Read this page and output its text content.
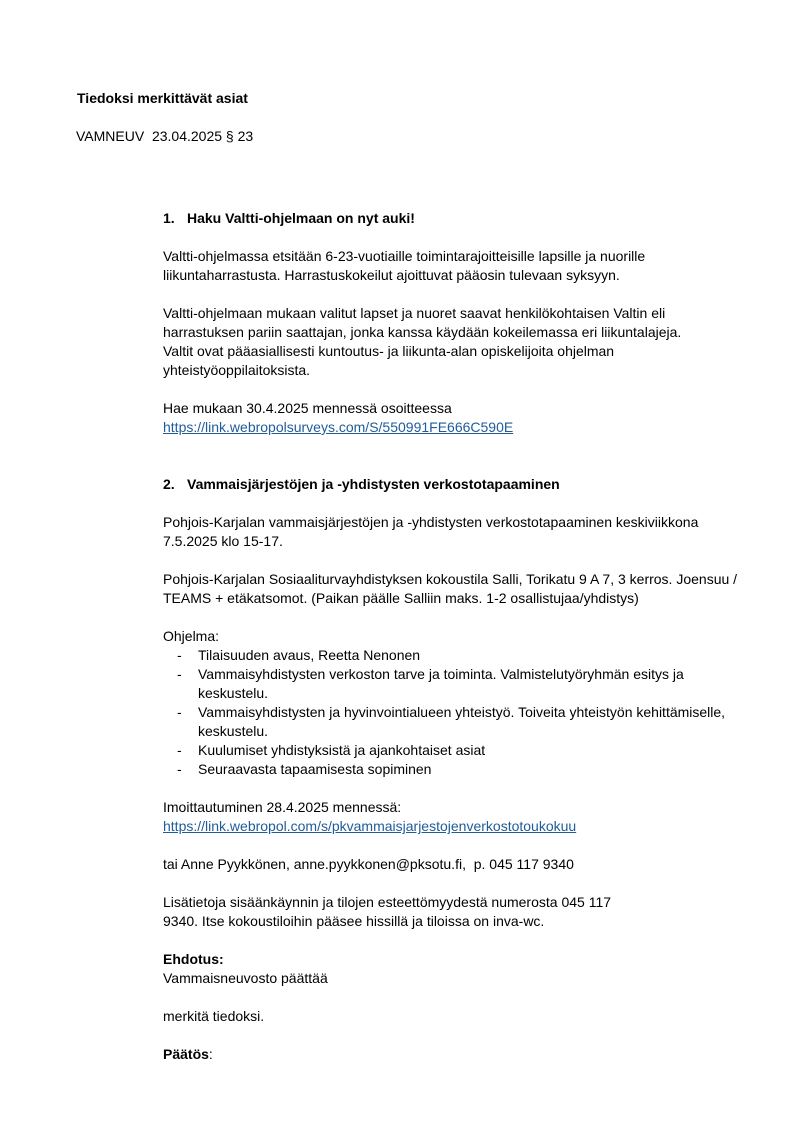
Tiedoksi merkittävät asiat
VAMNEUV  23.04.2025 § 23
1. Haku Valtti-ohjelmaan on nyt auki!

Valtti-ohjelmassa etsitään 6-23-vuotiaille toimintarajoitteisille lapsille ja nuorille liikuntaharrastusta. Harrastuskokeilut ajoittuvat pääosin tulevaan syksyyn.

Valtti-ohjelmaan mukaan valitut lapset ja nuoret saavat henkilökohtaisen Valtin eli harrastuksen pariin saattajan, jonka kanssa käydään kokeilemassa eri liikuntalajeja. Valtit ovat pääasiallisesti kuntoutus- ja liikunta-alan opiskelijoita ohjelman yhteistyöoppilaitoksista.

Hae mukaan 30.4.2025 mennessä osoitteessa

https://link.webropolsurveys.com/S/550991FE666C590E
2. Vammaisjärjestöjen ja -yhdistysten verkostotapaaminen

Pohjois-Karjalan vammaisjärjestöjen ja -yhdistysten verkostotapaaminen keskiviikkona 7.5.2025 klo 15-17.

Pohjois-Karjalan Sosiaaliturvayhdistyksen kokoustila Salli, Torikatu 9 A 7, 3 kerros. Joensuu / TEAMS + etäkatsomot. (Paikan päälle Salliin maks. 1-2 osallistujaa/yhdistys)

Ohjelma:

-	Tilaisuuden avaus, Reetta Nenonen
-	Vammaisyhdistysten verkoston tarve ja toiminta. Valmistelutyöryhmän esitys ja keskustelu.
-	Vammaisyhdistysten ja hyvinvointialueen yhteistyö. Toiveita yhteistyön kehittämiselle, keskustelu.
-	Kuulumiset yhdistyksistä ja ajankohtaiset asiat
-	Seuraavasta tapaamisesta sopiminen

Imoittautuminen 28.4.2025 mennessä:

https://link.webropol.com/s/pkvammaisjarjestojenverkostotoukokuu

tai Anne Pyykkönen, anne.pyykkonen@pksotu.fi,  p. 045 117 9340

Lisätietoja sisäänkäynnin ja tilojen esteettömyydestä numerosta 045 117 9340. Itse kokoustiloihin pääsee hissillä ja tiloissa on inva-wc.

Ehdotus:

Vammaisneuvosto päättää

merkitä tiedoksi.

Päätös:
